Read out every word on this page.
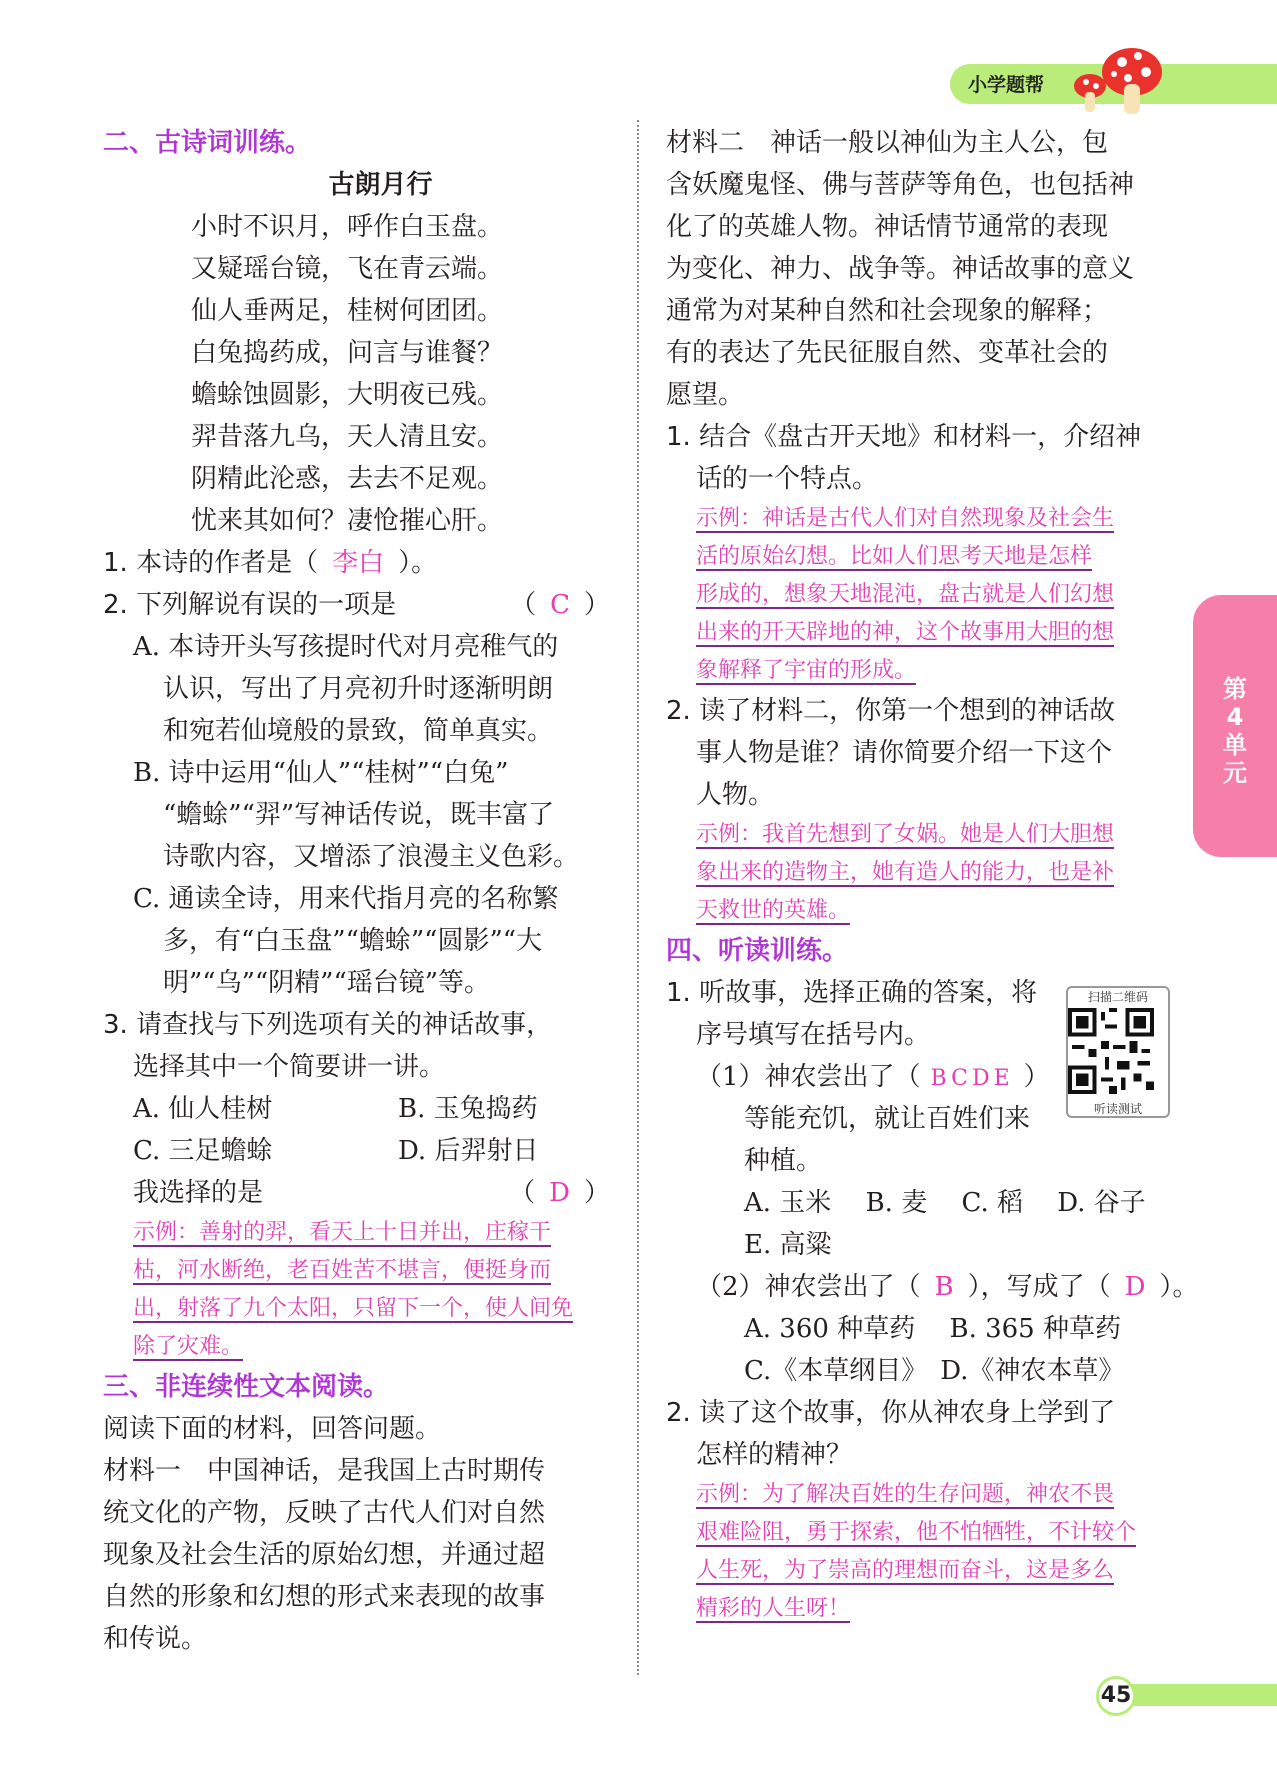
小学题帮
第
4
单
元
二、古诗词训练。
古朗月行
小时不识月，呼作白玉盘。
又疑瑶台镜，飞在青云端。
仙人垂两足，桂树何团团。
白兔捣药成，问言与谁餐？
蟾蜍蚀圆影，大明夜已残。
羿昔落九乌，天人清且安。
阴精此沦惑，去去不足观。
忧来其如何？凄怆摧心肝。
1. 本诗的作者是（ 李白 ）。
2. 下列解说有误的一项是	（ C ）
A. 本诗开头写孩提时代对月亮稚气的
认识，写出了月亮初升时逐渐明朗
和宛若仙境般的景致，简单真实。
B. 诗中运用“仙人”“桂树”“白兔”
“蟾蜍”“羿”写神话传说，既丰富了
诗歌内容，又增添了浪漫主义色彩。
C. 通读全诗，用来代指月亮的名称繁
多，有“白玉盘”“蟾蜍”“圆影”“大
明”“乌”“阴精”“瑶台镜”等。
3. 请查找与下列选项有关的神话故事，
选择其中一个简要讲一讲。
A. 仙人桂树	B. 玉兔捣药
C. 三足蟾蜍	D. 后羿射日
我选择的是	（ D ）
示例：善射的羿，看天上十日并出，庄稼干
枯，河水断绝，老百姓苦不堪言，便挺身而
出，射落了九个太阳，只留下一个，使人间免
除了灾难。
三、非连续性文本阅读。
阅读下面的材料，回答问题。
材料一　中国神话，是我国上古时期传
统文化的产物，反映了古代人们对自然
现象及社会生活的原始幻想，并通过超
自然的形象和幻想的形式来表现的故事
和传说。
材料二　神话一般以神仙为主人公，包
含妖魔鬼怪、佛与菩萨等角色，也包括神
化了的英雄人物。神话情节通常的表现
为变化、神力、战争等。神话故事的意义
通常为对某种自然和社会现象的解释；
有的表达了先民征服自然、变革社会的
愿望。
1. 结合《盘古开天地》和材料一，介绍神
话的一个特点。
示例：神话是古代人们对自然现象及社会生
活的原始幻想。比如人们思考天地是怎样
形成的，想象天地混沌，盘古就是人们幻想
出来的开天辟地的神，这个故事用大胆的想
象解释了宇宙的形成。
2. 读了材料二，你第一个想到的神话故
事人物是谁？请你简要介绍一下这个
人物。
示例：我首先想到了女娲。她是人们大胆想
象出来的造物主，她有造人的能力，也是补
天救世的英雄。
四、听读训练。
1. 听故事，选择正确的答案，将
序号填写在括号内。
（1）神农尝出了（ BCDE ）
等能充饥，就让百姓们来
种植。
A. 玉米　 B. 麦　 C. 稻　 D. 谷子
E. 高粱
（2）神农尝出了（ B ），写成了（ D ）。
A. 360 种草药　 B. 365 种草药
C.《本草纲目》　D.《神农本草》
2. 读了这个故事，你从神农身上学到了
怎样的精神？
示例：为了解决百姓的生存问题，神农不畏
艰难险阻，勇于探索，他不怕牺牲，不计较个
人生死，为了崇高的理想而奋斗，这是多么
精彩的人生呀！
扫描二维码
听读测试
45
